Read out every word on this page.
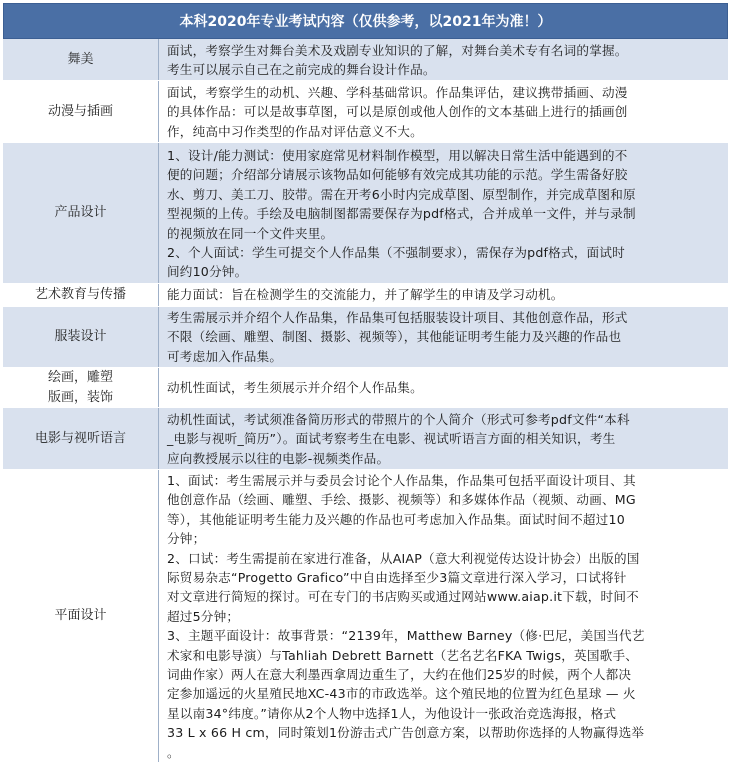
本科2020年专业考试内容（仅供参考，以2021年为准！）
舞美

面试，考察学生对舞台美术及戏剧专业知识的了解，对舞台美术专有名词的掌握。

考生可以展示自己在之前完成的舞台设计作品。

动漫与插画

面试，考察学生的动机、兴趣、学科基础常识。作品集评估，建议携带插画、动漫

的具体作品：可以是故事草图，可以是原创或他人创作的文本基础上进行的插画创

作，纯高中习作类型的作品对评估意义不大。

产品设计

1、设计/能力测试：使用家庭常见材料制作模型，用以解决日常生活中能遇到的不

便的问题；介绍部分请展示该物品如何能够有效完成其功能的示范。学生需备好胶

水、剪刀、美工刀、胶带。需在开考6小时内完成草图、原型制作，并完成草图和原

型视频的上传。手绘及电脑制图都需要保存为pdf格式，合并成单一文件，并与录制

的视频放在同一个文件夹里。

2、个人面试：学生可提交个人作品集（不强制要求），需保存为pdf格式，面试时

间约10分钟。

艺术教育与传播	能力面试：旨在检测学生的交流能力，并了解学生的申请及学习动机。

服装设计

考生需展示并介绍个人作品集，作品集可包括服装设计项目、其他创意作品，形式

不限（绘画、雕塑、制图、摄影、视频等），其他能证明考生能力及兴趣的作品也

可考虑加入作品集。

绘画，雕塑
版画，装饰

动机性面试，考生须展示并介绍个人作品集。

电影与视听语言

动机性面试，考试须准备简历形式的带照片的个人简介（形式可参考pdf文件“本科

_电影与视听_简历”）。面试考察考生在电影、视试听语言方面的相关知识，考生

应向教授展示以往的电影-视频类作品。

平面设计

1、面试：考生需展示并与委员会讨论个人作品集，作品集可包括平面设计项目、其

他创意作品（绘画、雕塑、手绘、摄影、视频等）和多媒体作品（视频、动画、MG

等），其他能证明考生能力及兴趣的作品也可考虑加入作品集。面试时间不超过10

分钟；

2、口试：考生需提前在家进行准备，从AIAP（意大利视觉传达设计协会）出版的国

际贸易杂志“Progetto Grafico”中自由选择至少3篇文章进行深入学习，口试将针

对文章进行简短的探讨。可在专门的书店购买或通过网站www.aiap.it下载，时间不

超过5分钟；

3、主题平面设计：故事背景：“2139年，Matthew Barney（修·巴尼，美国当代艺

术家和电影导演）与Tahliah Debrett Barnett（艺名艺名FKA Twigs，英国歌手、

词曲作家）两人在意大利墨西拿周边重生了，大约在他们25岁的时候，两个人都决

定参加遥远的火星殖民地XC-43市的市政选举。这个殖民地的位置为红色星球 — 火

星以南34°纬度。”请你从2个人物中选择1人，为他设计一张政治竞选海报，格式

33 L x 66 H cm，同时策划1份游击式广告创意方案，以帮助你选择的人物赢得选举

。
